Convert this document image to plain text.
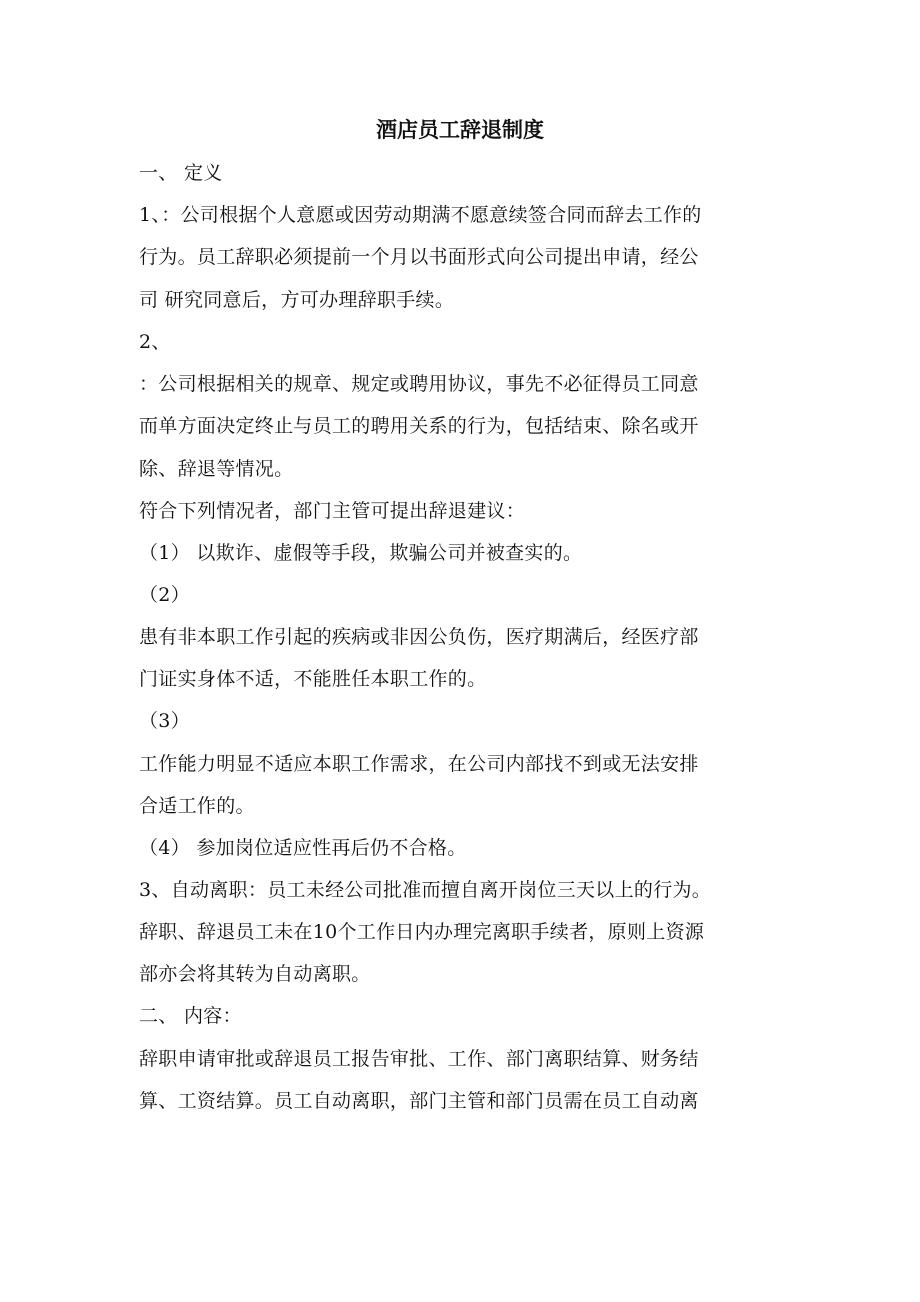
酒店员工辞退制度
一、 定义
1、：公司根据个人意愿或因劳动期满不愿意续签合同而辞去工作的
行为。员工辞职必须提前一个月以书面形式向公司提出申请，经公
司 研究同意后，方可办理辞职手续。
2、
：公司根据相关的规章、规定或聘用协议，事先不必征得员工同意
而单方面决定终止与员工的聘用关系的行为，包括结束、除名或开
除、辞退等情况。
符合下列情况者，部门主管可提出辞退建议：
（1） 以欺诈、虚假等手段，欺骗公司并被查实的。
（2）
患有非本职工作引起的疾病或非因公负伤，医疗期满后，经医疗部
门证实身体不适，不能胜任本职工作的。
（3）
工作能力明显不适应本职工作需求，在公司内部找不到或无法安排
合适工作的。
（4） 参加岗位适应性再后仍不合格。
3、自动离职：员工未经公司批准而擅自离开岗位三天以上的行为。
辞职、辞退员工未在10个工作日内办理完离职手续者，原则上资源
部亦会将其转为自动离职。
二、 内容：
辞职申请审批或辞退员工报告审批、工作、部门离职结算、财务结
算、工资结算。员工自动离职，部门主管和部门员需在员工自动离
